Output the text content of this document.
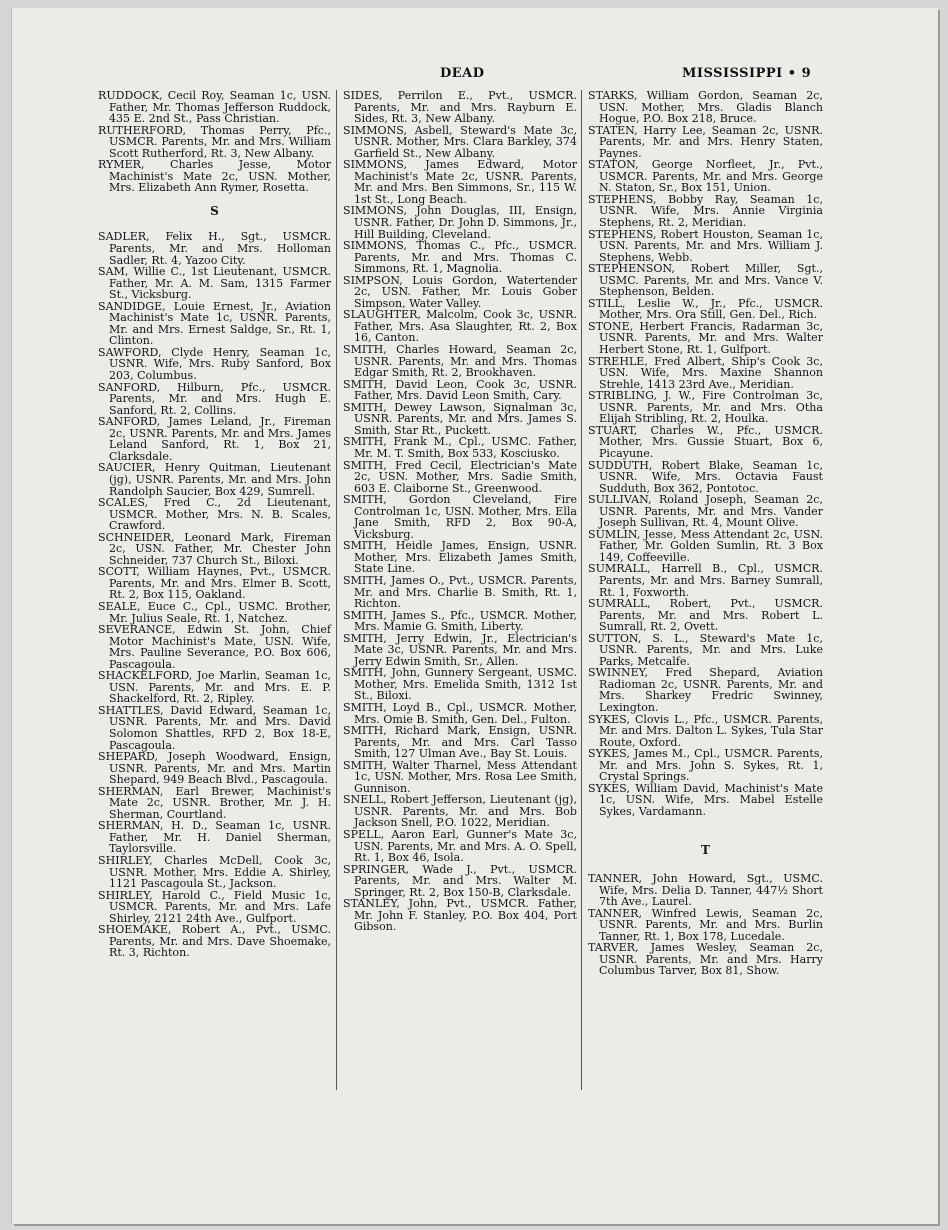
DEAD	MISSISSIPPI • 9

RUDDOCK, Cecil Roy, Seaman 1c, USN. Father, Mr. Thomas Jefferson Ruddock, 435 E. 2nd St., Pass Christian.

RUTHERFORD, Thomas Perry, Pfc., USMCR. Parents, Mr. and Mrs. William Scott Rutherford, Rt. 3, New Albany.

RYMER, Charles Jesse, Motor Machinist's Mate 2c, USN. Mother, Mrs. Elizabeth Ann Rymer, Rosetta.

S

SADLER, Felix H., Sgt., USMCR. Parents, Mr. and Mrs. Holloman Sadler, Rt. 4, Yazoo City.

SAM, Willie C., 1st Lieutenant, USMCR. Father, Mr. A. M. Sam, 1315 Farmer St., Vicksburg.

SANDIDGE, Louie Ernest, Jr., Aviation Machinist's Mate 1c, USNR. Parents, Mr. and Mrs. Ernest Saldge, Sr., Rt. 1, Clinton.

SAWFORD, Clyde Henry, Seaman 1c, USNR. Wife, Mrs. Ruby Sanford, Box 203, Columbus.

SANFORD, Hilburn, Pfc., USMCR. Parents, Mr. and Mrs. Hugh E. Sanford, Rt. 2, Collins.

SANFORD, James Leland, Jr., Fireman 2c, USNR. Parents, Mr. and Mrs. James Leland Sanford, Rt. 1, Box 21, Clarksdale.

SAUCIER, Henry Quitman, Lieutenant (jg), USNR. Parents, Mr. and Mrs. John Randolph Saucier, Box 429, Sumrell.

SCALES, Fred C., 2d Lieutenant, USMCR. Mother, Mrs. N. B. Scales, Crawford.

SCHNEIDER, Leonard Mark, Fireman 2c, USN. Father, Mr. Chester John Schneider, 737 Church St., Biloxi.

SCOTT, William Haynes, Pvt., USMCR. Parents, Mr. and Mrs. Elmer B. Scott, Rt. 2, Box 115, Oakland.

SEALE, Euce C., Cpl., USMC. Brother, Mr. Julius Seale, Rt. 1, Natchez.

SEVERANCE, Edwin St. John, Chief Motor Machinist's Mate, USN. Wife, Mrs. Pauline Severance, P.O. Box 606, Pascagoula.

SHACKELFORD, Joe Marlin, Seaman 1c, USN. Parents, Mr. and Mrs. E. P. Shackelford, Rt. 2, Ripley.

SHATTLES, David Edward, Seaman 1c, USNR. Parents, Mr. and Mrs. David Solomon Shattles, RFD 2, Box 18-E, Pascagoula.

SHEPARD, Joseph Woodward, Ensign, USNR. Parents, Mr. and Mrs. Martin Shepard, 949 Beach Blvd., Pascagoula.

SHERMAN, Earl Brewer, Machinist's Mate 2c, USNR. Brother, Mr. J. H. Sherman, Courtland.

SHERMAN, H. D., Seaman 1c, USNR. Father, Mr. H. Daniel Sherman, Taylorsville.

SHIRLEY, Charles McDell, Cook 3c, USNR. Mother, Mrs. Eddie A. Shirley, 1121 Pascagoula St., Jackson.

SHIRLEY, Harold C., Field Music 1c, USMCR. Parents, Mr. and Mrs. Lafe Shirley, 2121 24th Ave., Gulfport.

SHOEMAKE, Robert A., Pvt., USMC. Parents, Mr. and Mrs. Dave Shoemake, Rt. 3, Richton.

SIDES, Perrilon E., Pvt., USMCR. Parents, Mr. and Mrs. Rayburn E. Sides, Rt. 3, New Albany.

SIMMONS, Asbell, Steward's Mate 3c, USNR. Mother, Mrs. Clara Barkley, 374 Garfield St., New Albany.

SIMMONS, James Edward, Motor Machinist's Mate 2c, USNR. Parents, Mr. and Mrs. Ben Simmons, Sr., 115 W. 1st St., Long Beach.

SIMMONS, John Douglas, III, Ensign, USNR. Father, Dr. John D. Simmons, Jr., Hill Building, Cleveland.

SIMMONS, Thomas C., Pfc., USMCR. Parents, Mr. and Mrs. Thomas C. Simmons, Rt. 1, Magnolia.

SIMPSON, Louis Gordon, Watertender 2c, USN. Father, Mr. Louis Gober Simpson, Water Valley.

SLAUGHTER, Malcolm, Cook 3c, USNR. Father, Mrs. Asa Slaughter, Rt. 2, Box 16, Canton.

SMITH, Charles Howard, Seaman 2c, USNR. Parents, Mr. and Mrs. Thomas Edgar Smith, Rt. 2, Brookhaven.

SMITH, David Leon, Cook 3c, USNR. Father, Mrs. David Leon Smith, Cary.

SMITH, Dewey Lawson, Signalman 3c, USNR. Parents, Mr. and Mrs. James S. Smith, Star Rt., Puckett.

SMITH, Frank M., Cpl., USMC. Father, Mr. M. T. Smith, Box 533, Kosciusko.

SMITH, Fred Cecil, Electrician's Mate 2c, USN. Mother, Mrs. Sadie Smith, 603 E. Claiborne St., Greenwood.

SMITH, Gordon Cleveland, Fire Controlman 1c, USN. Mother, Mrs. Ella Jane Smith, RFD 2, Box 90-A, Vicksburg.

SMITH, Heidle James, Ensign, USNR. Mother, Mrs. Elizabeth James Smith, State Line.

SMITH, James O., Pvt., USMCR. Parents, Mr. and Mrs. Charlie B. Smith, Rt. 1, Richton.

SMITH, James S., Pfc., USMCR. Mother, Mrs. Mamie G. Smith, Liberty.

SMITH, Jerry Edwin, Jr., Electrician's Mate 3c, USNR. Parents, Mr. and Mrs. Jerry Edwin Smith, Sr., Allen.

SMITH, John, Gunnery Sergeant, USMC. Mother, Mrs. Emelida Smith, 1312 1st St., Biloxi.

SMITH, Loyd B., Cpl., USMCR. Mother, Mrs. Omie B. Smith, Gen. Del., Fulton.

SMITH, Richard Mark, Ensign, USNR. Parents, Mr. and Mrs. Carl Tasso Smith, 127 Ulman Ave., Bay St. Louis.

SMITH, Walter Tharnel, Mess Attendant 1c, USN. Mother, Mrs. Rosa Lee Smith, Gunnison.

SNELL, Robert Jefferson, Lieutenant (jg), USNR. Parents, Mr. and Mrs. Bob Jackson Snell, P.O. 1022, Meridian.

SPELL, Aaron Earl, Gunner's Mate 3c, USN. Parents, Mr. and Mrs. A. O. Spell, Rt. 1, Box 46, Isola.

SPRINGER, Wade J., Pvt., USMCR. Parents, Mr. and Mrs. Walter M. Springer, Rt. 2, Box 150-B, Clarksdale.

STANLEY, John, Pvt., USMCR. Father, Mr. John F. Stanley, P.O. Box 404, Port Gibson.

STARKS, William Gordon, Seaman 2c, USN. Mother, Mrs. Gladis Blanch Hogue, P.O. Box 218, Bruce.

STATEN, Harry Lee, Seaman 2c, USNR. Parents, Mr. and Mrs. Henry Staten, Paynes.

STATON, George Norfleet, Jr., Pvt., USMCR. Parents, Mr. and Mrs. George N. Staton, Sr., Box 151, Union.

STEPHENS, Bobby Ray, Seaman 1c, USNR. Wife, Mrs. Annie Virginia Stephens, Rt. 2, Meridian.

STEPHENS, Robert Houston, Seaman 1c, USN. Parents, Mr. and Mrs. William J. Stephens, Webb.

STEPHENSON, Robert Miller, Sgt., USMC. Parents, Mr. and Mrs. Vance V. Stephenson, Belden.

STILL, Leslie W., Jr., Pfc., USMCR. Mother, Mrs. Ora Still, Gen. Del., Rich.

STONE, Herbert Francis, Radarman 3c, USNR. Parents, Mr. and Mrs. Walter Herbert Stone, Rt. 1, Gulfport.

STREHLE, Fred Albert, Ship's Cook 3c, USN. Wife, Mrs. Maxine Shannon Strehle, 1413 23rd Ave., Meridian.

STRIBLING, J. W., Fire Controlman 3c, USNR. Parents, Mr. and Mrs. Otha Elijah Stribling, Rt. 2, Houlka.

STUART, Charles W., Pfc., USMCR. Mother, Mrs. Gussie Stuart, Box 6, Picayune.

SUDDUTH, Robert Blake, Seaman 1c, USNR. Wife, Mrs. Octavia Faust Sudduth, Box 362, Pontotoc.

SULLIVAN, Roland Joseph, Seaman 2c, USNR. Parents, Mr. and Mrs. Vander Joseph Sullivan, Rt. 4, Mount Olive.

SUMLIN, Jesse, Mess Attendant 2c, USN. Father, Mr. Golden Sumlin, Rt. 3 Box 149, Coffeeville.

SUMRALL, Harrell B., Cpl., USMCR. Parents, Mr. and Mrs. Barney Sumrall, Rt. 1, Foxworth.

SUMRALL, Robert, Pvt., USMCR. Parents, Mr. and Mrs. Robert L. Sumrall, Rt. 2, Ovett.

SUTTON, S. L., Steward's Mate 1c, USNR. Parents, Mr. and Mrs. Luke Parks, Metcalfe.

SWINNEY, Fred Shepard, Aviation Radioman 2c, USNR. Parents, Mr. and Mrs. Sharkey Fredric Swinney, Lexington.

SYKES, Clovis L., Pfc., USMCR. Parents, Mr. and Mrs. Dalton L. Sykes, Tula Star Route, Oxford.

SYKES, James M., Cpl., USMCR. Parents, Mr. and Mrs. John S. Sykes, Rt. 1, Crystal Springs.

SYKES, William David, Machinist's Mate 1c, USN. Wife, Mrs. Mabel Estelle Sykes, Vardamann.

T

TANNER, John Howard, Sgt., USMC. Wife, Mrs. Delia D. Tanner, 447½ Short 7th Ave., Laurel.

TANNER, Winfred Lewis, Seaman 2c, USNR. Parents, Mr. and Mrs. Burlin Tanner, Rt. 1, Box 178, Lucedale.

TARVER, James Wesley, Seaman 2c, USNR. Parents, Mr. and Mrs. Harry Columbus Tarver, Box 81, Show.
